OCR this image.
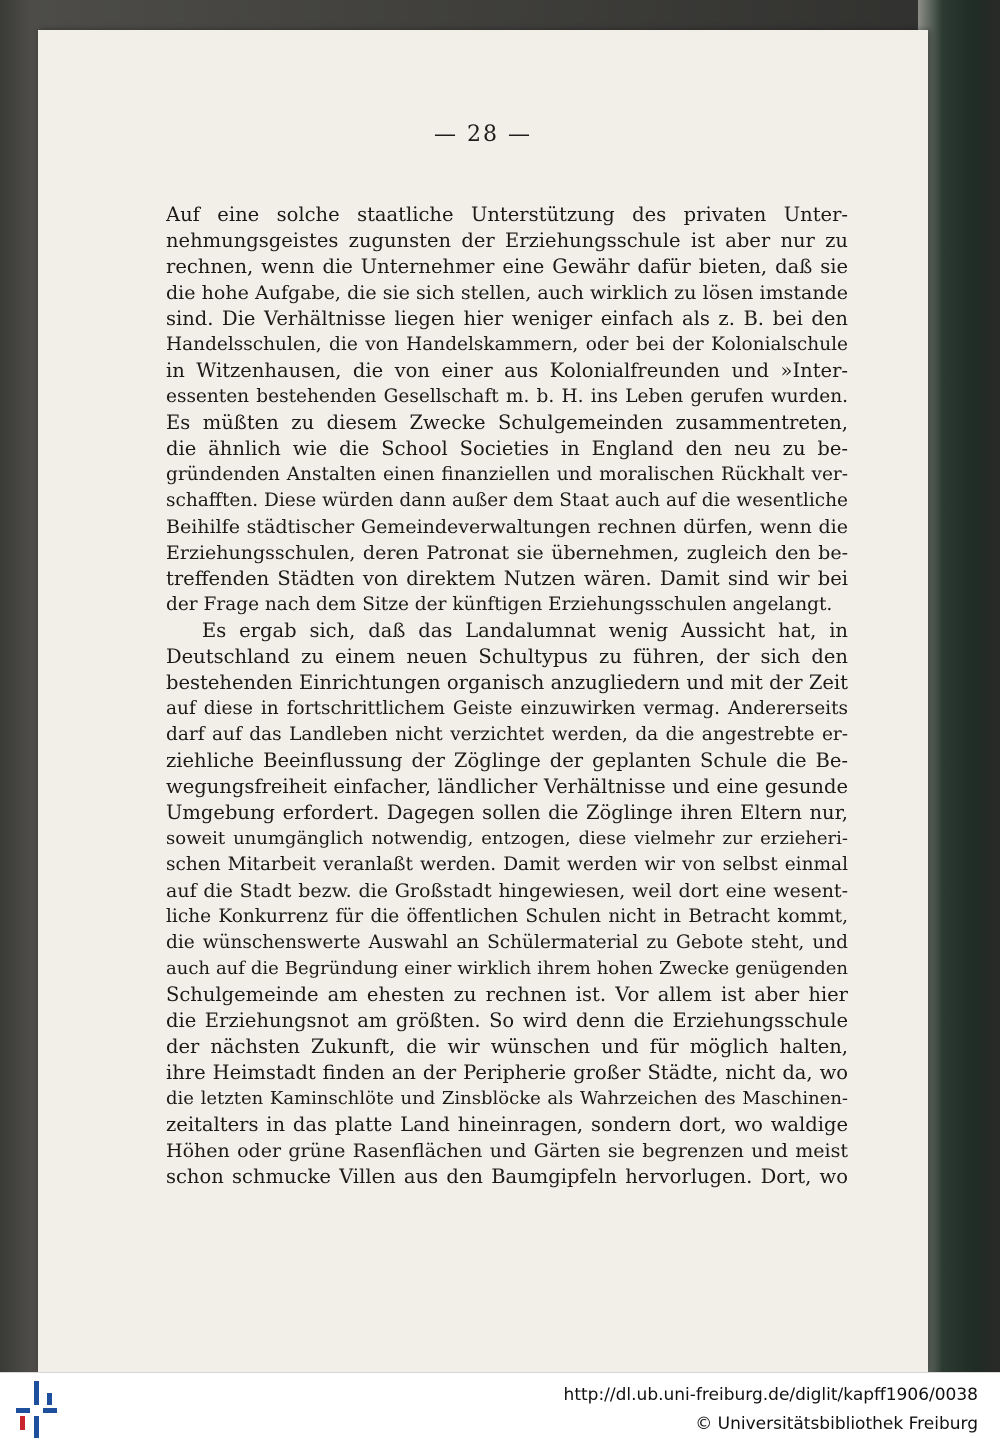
— 28 —
Auf eine solche staatliche Unterstützung des privaten Unter-
nehmungsgeistes zugunsten der Erziehungsschule ist aber nur zu
rechnen, wenn die Unternehmer eine Gewähr dafür bieten, daß sie
die hohe Aufgabe, die sie sich stellen, auch wirklich zu lösen imstande
sind. Die Verhältnisse liegen hier weniger einfach als z. B. bei den
Handelsschulen, die von Handelskammern, oder bei der Kolonialschule
in Witzenhausen, die von einer aus Kolonialfreunden und »Inter-
essenten bestehenden Gesellschaft m. b. H. ins Leben gerufen wurden.
Es müßten zu diesem Zwecke Schulgemeinden zusammentreten,
die ähnlich wie die School Societies in England den neu zu be-
gründenden Anstalten einen finanziellen und moralischen Rückhalt ver-
schafften. Diese würden dann außer dem Staat auch auf die wesentliche
Beihilfe städtischer Gemeindeverwaltungen rechnen dürfen, wenn die
Erziehungsschulen, deren Patronat sie übernehmen, zugleich den be-
treffenden Städten von direktem Nutzen wären. Damit sind wir bei
der Frage nach dem Sitze der künftigen Erziehungsschulen angelangt.
Es ergab sich, daß das Landalumnat wenig Aussicht hat, in
Deutschland zu einem neuen Schultypus zu führen, der sich den
bestehenden Einrichtungen organisch anzugliedern und mit der Zeit
auf diese in fortschrittlichem Geiste einzuwirken vermag. Andererseits
darf auf das Landleben nicht verzichtet werden, da die angestrebte er-
ziehliche Beeinflussung der Zöglinge der geplanten Schule die Be-
wegungsfreiheit einfacher, ländlicher Verhältnisse und eine gesunde
Umgebung erfordert. Dagegen sollen die Zöglinge ihren Eltern nur,
soweit unumgänglich notwendig, entzogen, diese vielmehr zur erzieheri-
schen Mitarbeit veranlaßt werden. Damit werden wir von selbst einmal
auf die Stadt bezw. die Großstadt hingewiesen, weil dort eine wesent-
liche Konkurrenz für die öffentlichen Schulen nicht in Betracht kommt,
die wünschenswerte Auswahl an Schülermaterial zu Gebote steht, und
auch auf die Begründung einer wirklich ihrem hohen Zwecke genügenden
Schulgemeinde am ehesten zu rechnen ist. Vor allem ist aber hier
die Erziehungsnot am größten. So wird denn die Erziehungsschule
der nächsten Zukunft, die wir wünschen und für möglich halten,
ihre Heimstadt finden an der Peripherie großer Städte, nicht da, wo
die letzten Kaminschlöte und Zinsblöcke als Wahrzeichen des Maschinen-
zeitalters in das platte Land hineinragen, sondern dort, wo waldige
Höhen oder grüne Rasenflächen und Gärten sie begrenzen und meist
schon schmucke Villen aus den Baumgipfeln hervorlugen. Dort, wo
http://dl.ub.uni-freiburg.de/diglit/kapff1906/0038
© Universitätsbibliothek Freiburg
